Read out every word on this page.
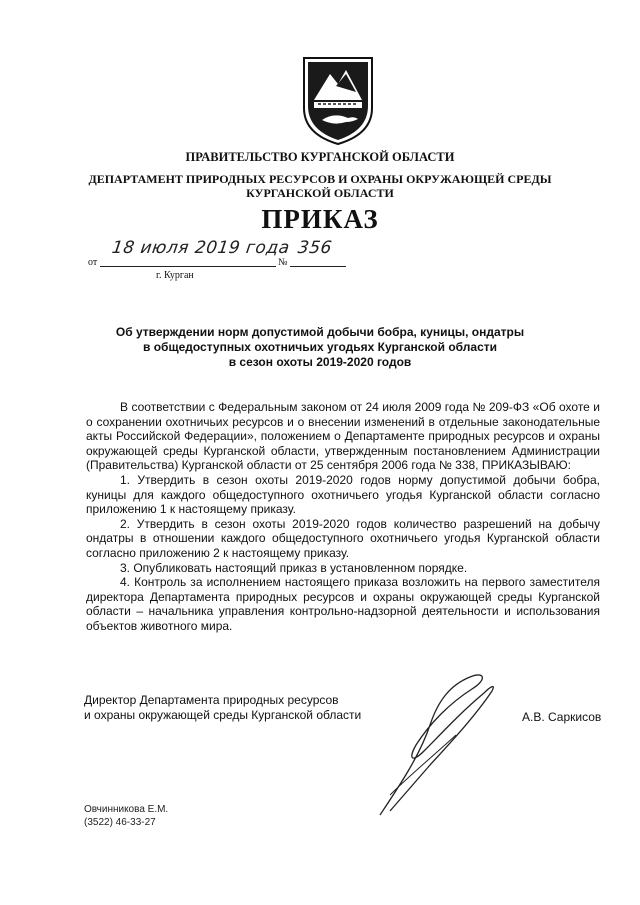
ПРАВИТЕЛЬСТВО КУРГАНСКОЙ ОБЛАСТИ
ДЕПАРТАМЕНТ ПРИРОДНЫХ РЕСУРСОВ И ОХРАНЫ ОКРУЖАЮЩЕЙ СРЕДЫ КУРГАНСКОЙ ОБЛАСТИ
ПРИКАЗ
от	№
18 июля 2019 года 356
г. Курган
Об утверждении норм допустимой добычи бобра, куницы, ондатры
в общедоступных охотничьих угодьях Курганской области
в сезон охоты 2019-2020 годов

В соответствии с Федеральным законом от 24 июля 2009 года № 209-ФЗ «Об охоте и о сохранении охотничьих ресурсов и о внесении изменений в отдельные законодательные акты Российской Федерации», положением о Департаменте природных ресурсов и охраны окружающей среды Курганской области, утвержденным постановлением Администрации (Правительства) Курганской области от 25 сентября 2006 года № 338, ПРИКАЗЫВАЮ:

1. Утвердить в сезон охоты 2019-2020 годов норму допустимой добычи бобра, куницы для каждого общедоступного охотничьего угодья Курганской области согласно приложению 1 к настоящему приказу.

2. Утвердить в сезон охоты 2019-2020 годов количество разрешений на добычу ондатры в отношении каждого общедоступного охотничьего угодья Курганской области согласно приложению 2 к настоящему приказу.

3. Опубликовать настоящий приказ в установленном порядке.

4. Контроль за исполнением настоящего приказа возложить на первого заместителя директора Департамента природных ресурсов и охраны окружающей среды Курганской области – начальника управления контрольно-надзорной деятельности и использования объектов животного мира.

Директор Департамента природных ресурсов
и охраны окружающей среды Курганской области	А.В. Саркисов
Овчинникова Е.М.
(3522) 46-33-27
